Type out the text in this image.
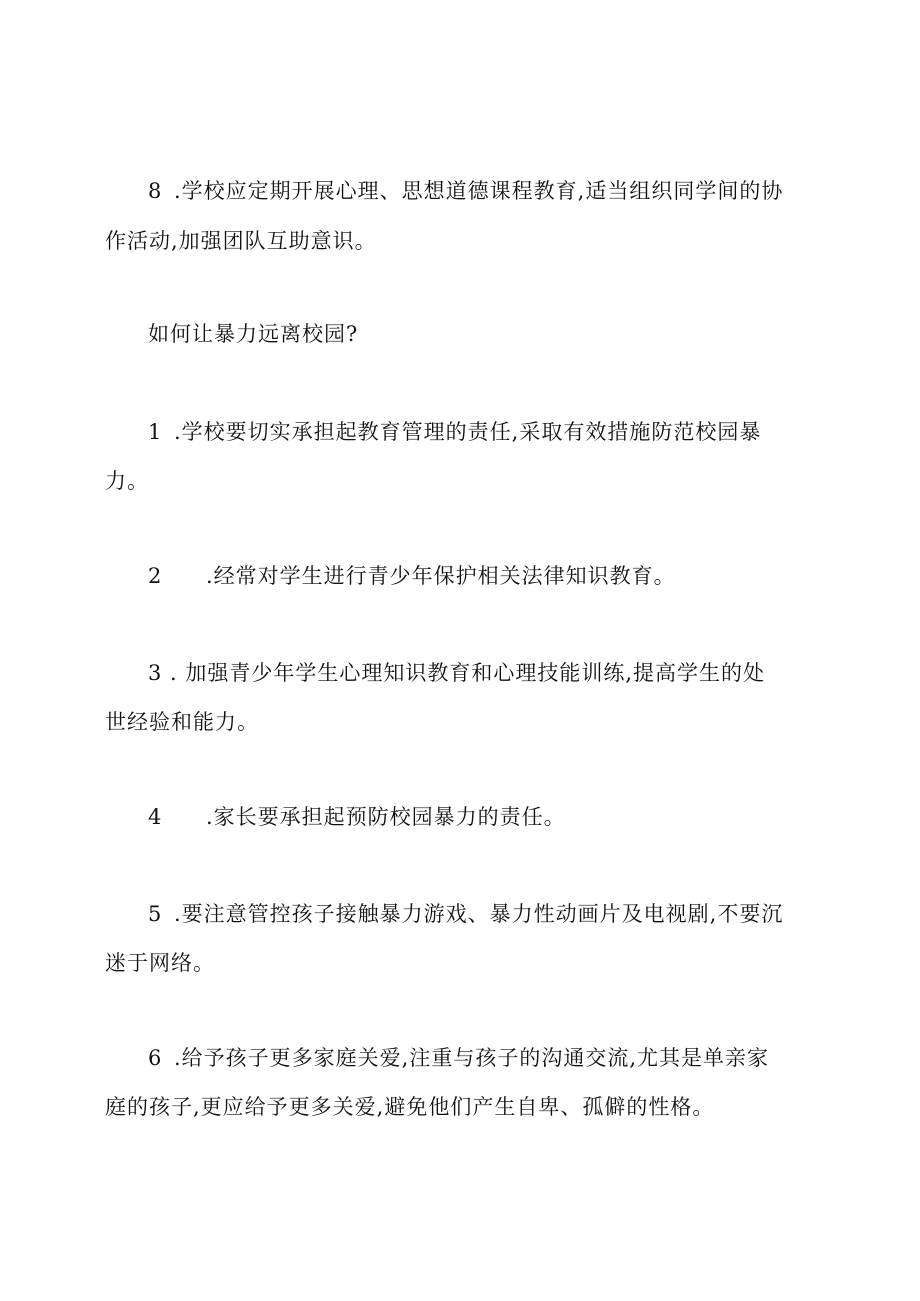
8 .学校应定期开展心理、思想道德课程教育,适当组织同学间的协
作活动,加强团队互助意识。
如何让暴力远离校园?
1 .学校要切实承担起教育管理的责任,采取有效措施防范校园暴
力。
2 .经常对学生进行青少年保护相关法律知识教育。
3 . 加强青少年学生心理知识教育和心理技能训练,提高学生的处
世经验和能力。
4 .家长要承担起预防校园暴力的责任。
5 .要注意管控孩子接触暴力游戏、暴力性动画片及电视剧,不要沉
迷于网络。
6 .给予孩子更多家庭关爱,注重与孩子的沟通交流,尤其是单亲家
庭的孩子,更应给予更多关爱,避免他们产生自卑、孤僻的性格。
